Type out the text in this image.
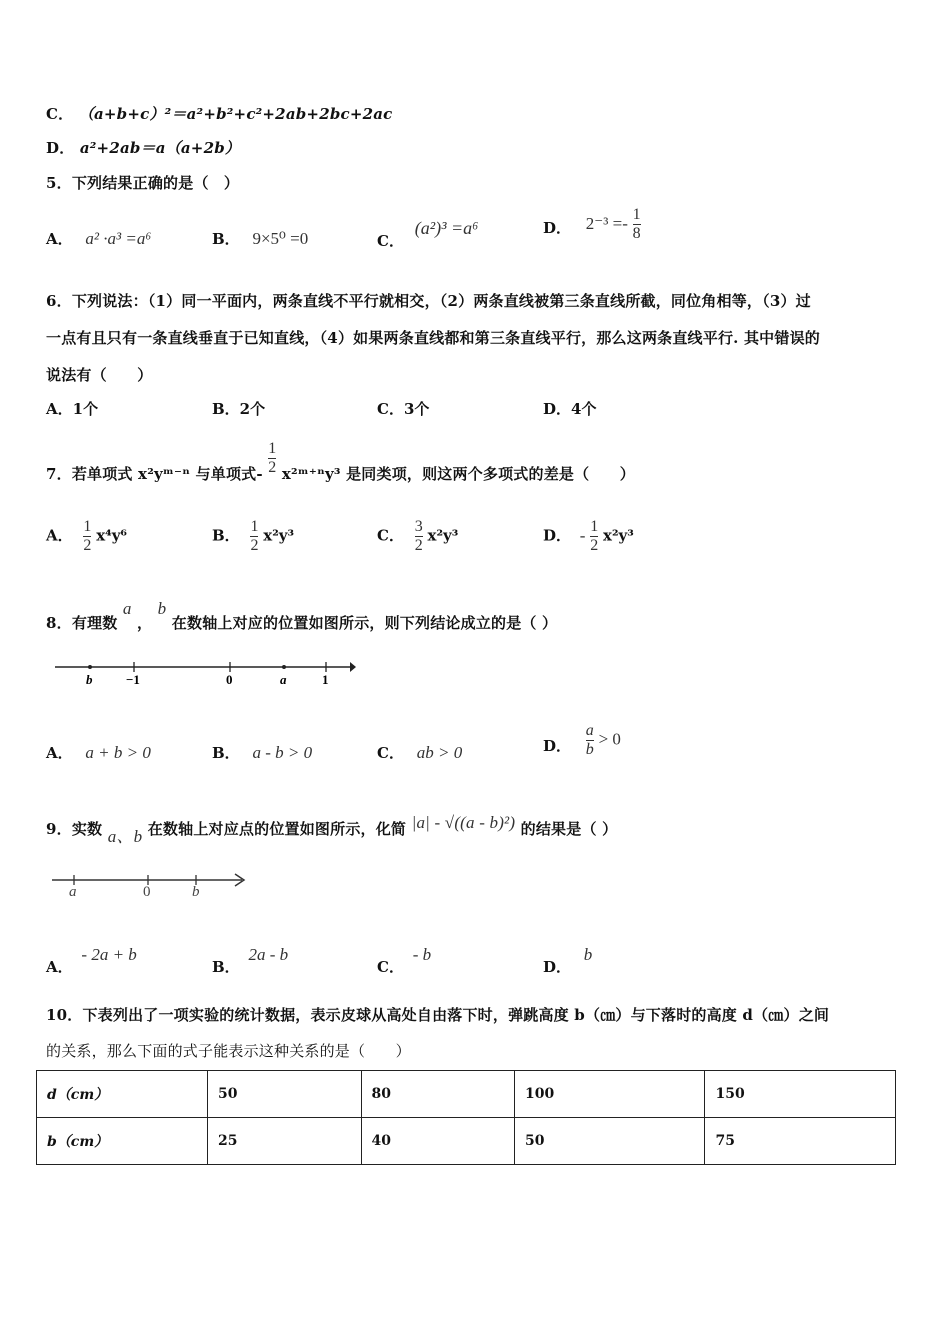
C． （a+b+c）²＝a²+b²+c²+2ab+2bc+2ac
D． a²+2ab＝a（a+2b）
5．下列结果正确的是（　）
A． a² ·a³ =a⁶	B． 9×5⁰ =0	C． (a²)³ =a⁶	D． $2^{-3} =- \frac{1}{8}$
6．下列说法：（1）同一平面内，两条直线不平行就相交，（2）两条直线被第三条直线所截，同位角相等，（3）过
一点有且只有一条直线垂直于已知直线，（4）如果两条直线都和第三条直线平行，那么这两条直线平行. 其中错误的
说法有（　　）
A．1个	B．2个	C．3个	D．4个
7．若单项式 x²yᵐ⁻ⁿ 与单项式- $\frac{1}{2}$ x²ᵐ⁺ⁿy³ 是同类项，则这两个多项式的差是（　　）
A． $\frac{1}{2} x^4y^6$	B． $\frac{1}{2} x^2y^3$	C． $\frac{3}{2} x^2y^3$	D． - $\frac{1}{2} x^2y^3$
8．有理数 a ， b 在数轴上对应的位置如图所示，则下列结论成立的是（ ）
b	−1	0	a	1
A． a + b > 0	B． a - b > 0	C． ab > 0	D． $\frac{a}{b} > 0$
9．实数 a、b 在数轴上对应点的位置如图所示，化简 |a| - √((a - b)²) 的结果是（ ）
a	0	b
A． - 2a + b
B． 2a - b
C． - b
D． b
10．下表列出了一项实验的统计数据，表示皮球从高处自由落下时，弹跳高度 b（㎝）与下落时的高度 d（㎝）之间
的关系，那么下面的式子能表示这种关系的是（　　）
d（cm）	50	80	100	150
b（cm）	25	40	50	75
